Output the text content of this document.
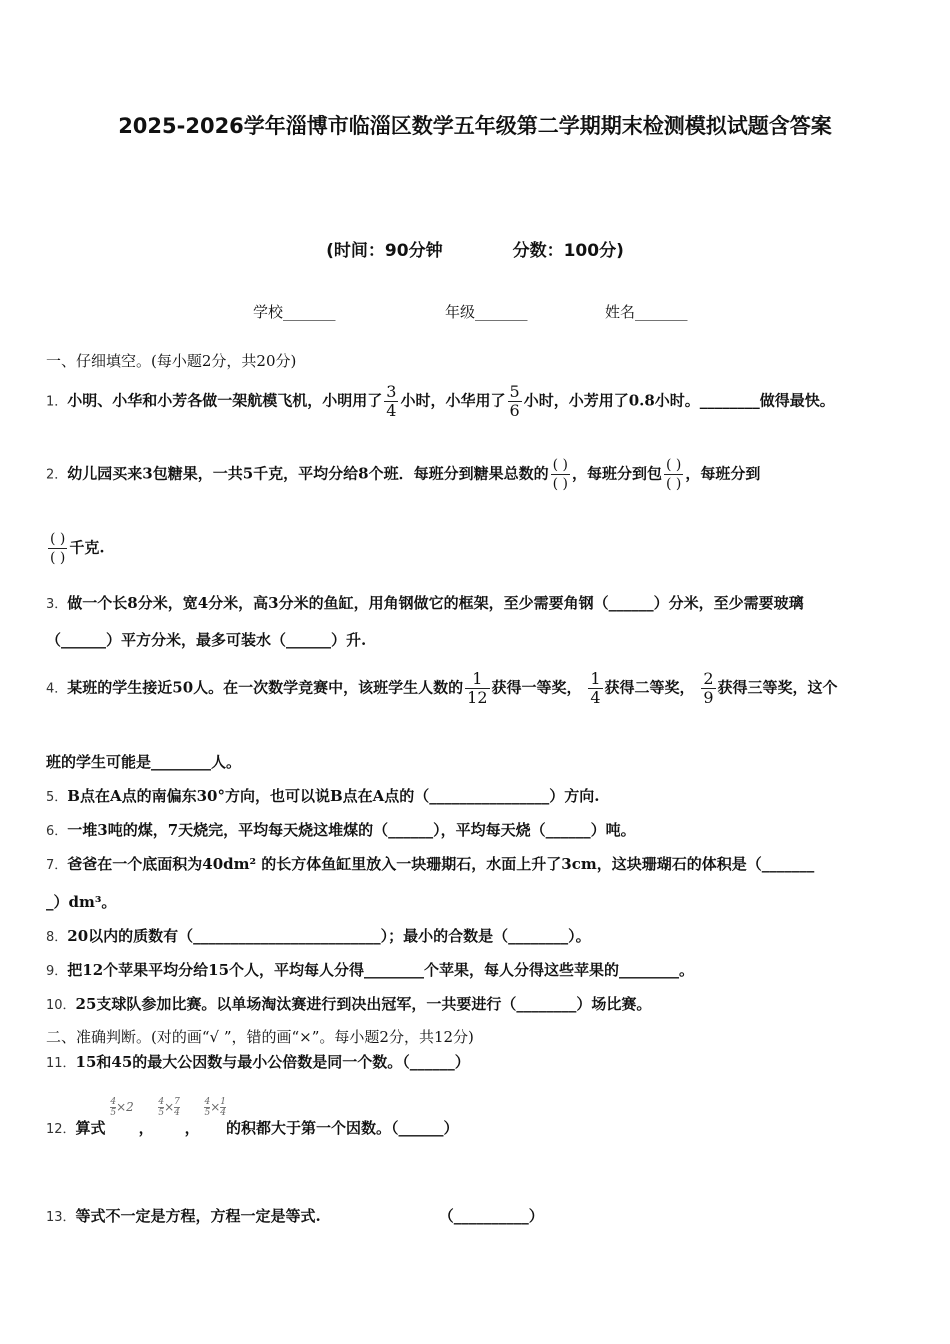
2025-2026学年淄博市临淄区数学五年级第二学期期末检测模拟试题含答案
(时间：90分钟	分数：100分)
学校_______	年级_______	姓名_______
一、仔细填空。(每小题2分，共20分)
1．小明、小华和小芳各做一架航模飞机，小明用了 $\frac{3}{4}$ 小时，小华用了 $\frac{5}{6}$ 小时，小芳用了0.8小时。________做得最快。
2．幼儿园买来3包糖果，一共5千克，平均分给8个班．每班分到糖果总数的 $\frac{( )}{( )}$ ，每班分到包 $\frac{( )}{( )}$ ，每班分到
$\frac{( )}{( )}$ 千克.
3．做一个长8分米，宽4分米，高3分米的鱼缸，用角钢做它的框架，至少需要角钢（______）分米，至少需要玻璃
（______）平方分米，最多可装水（______）升.
4．某班的学生接近50人。在一次数学竞赛中，该班学生人数的 $\frac{1}{12}$ 获得一等奖， $\frac{1}{4}$ 获得二等奖， $\frac{2}{9}$ 获得三等奖，这个
班的学生可能是________人。
5．B点在A点的南偏东30°方向，也可以说B点在A点的（________________）方向.
6．一堆3吨的煤，7天烧完，平均每天烧这堆煤的（______），平均每天烧（______）吨。
7．爸爸在一个底面积为40dm² 的长方体鱼缸里放入一块珊期石，水面上升了3cm，这块珊瑚石的体积是（_______
_）dm³。
8．20以内的质数有（_________________________）；最小的合数是（________）。
9．把12个苹果平均分给15个人，平均每人分得________个苹果，每人分得这些苹果的________。
10．25支球队参加比赛。以单场淘汰赛进行到决出冠军，一共要进行（________）场比赛。
二、准确判断。(对的画“√ ”，错的画“×”。每小题2分，共12分)
11．15和45的最大公因数与最小公倍数是同一个数。（______）
12．算式
$\frac{4}{5} \times 2$ ，
$\frac{4}{5} \times \frac{7}{4}$
，
$\frac{4}{5} \times \frac{1}{4}$
的积都大于第一个因数。（______）
13．等式不一定是方程，方程一定是等式.	（__________）
